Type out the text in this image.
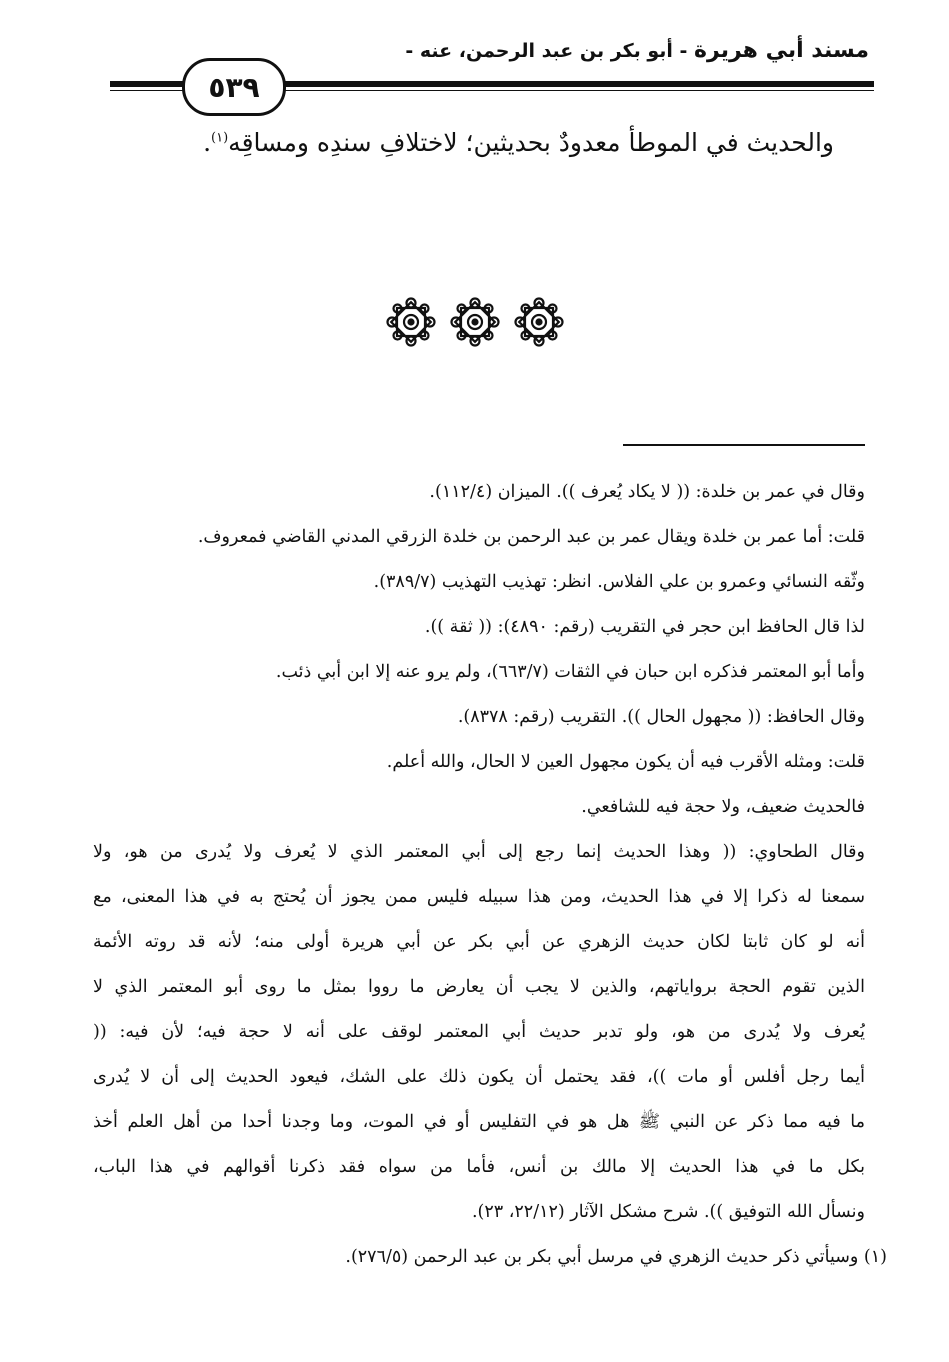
مسند أبي هريرة - أبو بكر بن عبد الرحمن، عنه -
٥٣٩
والحديث في الموطأ معدودٌ بحديثين؛ لاختلافِ سندِه ومساقِه$^{(١)}$.

وقال في عمر بن خلدة: (( لا يكاد يُعرف )). الميزان (١١٢/٤).

قلت: أما عمر بن خلدة ويقال عمر بن عبد الرحمن بن خلدة الزرقي المدني القاضي فمعروف.

وثّقه النسائي وعمرو بن علي الفلاس. انظر: تهذيب التهذيب (٣٨٩/٧).

لذا قال الحافظ ابن حجر في التقريب (رقم: ٤٨٩٠): (( ثقة )).

وأما أبو المعتمر فذكره ابن حبان في الثقات (٦٦٣/٧)، ولم يرو عنه إلا ابن أبي ذئب.

وقال الحافظ: (( مجهول الحال )). التقريب (رقم: ٨٣٧٨).

قلت: ومثله الأقرب فيه أن يكون مجهول العين لا الحال، والله أعلم.

فالحديث ضعيف، ولا حجة فيه للشافعي.

وقال الطحاوي: (( وهذا الحديث إنما رجع إلى أبي المعتمر الذي لا يُعرف ولا يُدرى من هو، ولا

سمعنا له ذكرا إلا في هذا الحديث، ومن هذا سبيله فليس ممن يجوز أن يُحتج به في هذا المعنى، مع

أنه لو كان ثابتا لكان حديث الزهري عن أبي بكر عن أبي هريرة أولى منه؛ لأنه قد روته الأئمة

الذين تقوم الحجة برواياتهم، والذين لا يجب أن يعارض ما رووا بمثل ما روى أبو المعتمر الذي لا

يُعرف ولا يُدرى من هو، ولو تدبر حديث أبي المعتمر لوقف على أنه لا حجة فيه؛ لأن فيه: ((

أيما رجل أفلس أو مات ))، فقد يحتمل أن يكون ذلك على الشك، فيعود الحديث إلى أن لا يُدرى

ما فيه مما ذكر عن النبي ﷺ هل هو في التفليس أو في الموت، وما وجدنا أحدا من أهل العلم أخذ

بكل ما في هذا الحديث إلا مالك بن أنس، فأما من سواه فقد ذكرنا أقوالهم في هذا الباب،

ونسأل الله التوفيق )). شرح مشكل الآثار (٢٢/١٢، ٢٣).

(١) وسيأتي ذكر حديث الزهري في مرسل أبي بكر بن عبد الرحمن (٢٧٦/٥).
